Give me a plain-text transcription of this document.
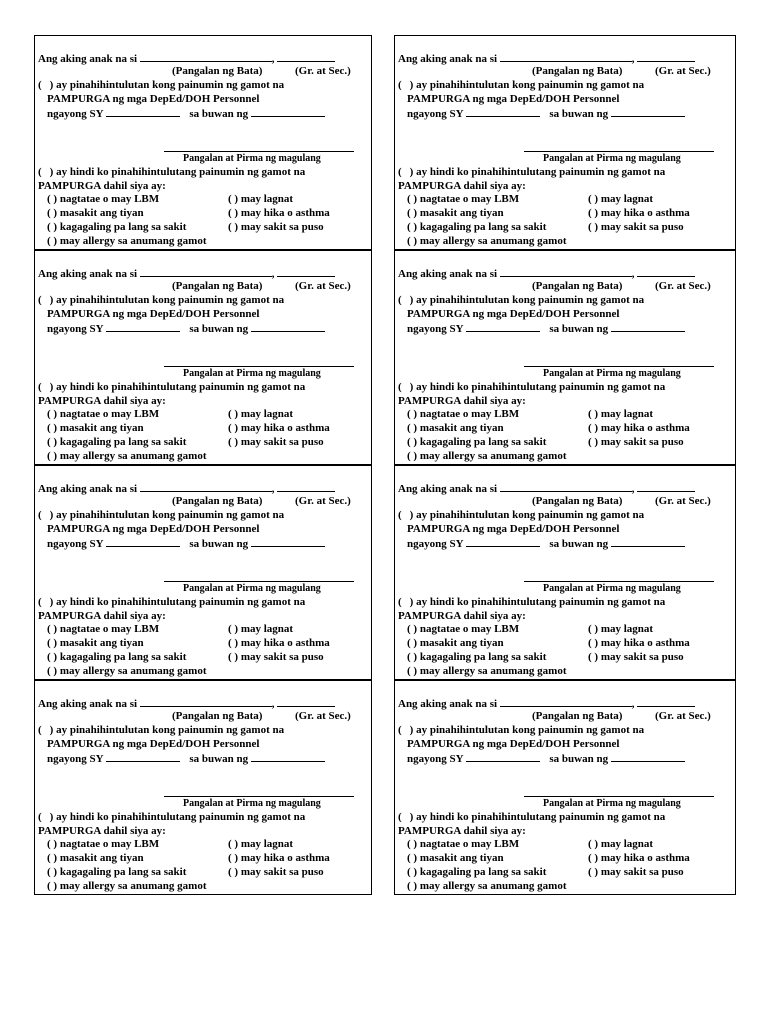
Ang aking anak na si	,
(Pangalan ng Bata)	(Gr. at Sec.)
( ) ay pinahihintulutan kong painumin ng gamot na
PAMPURGA ng mga DepEd/DOH Personnel
ngayong SY	sa buwan ng
Pangalan at Pirma ng magulang
( ) ay hindi ko pinahihintulutang painumin ng gamot na
PAMPURGA dahil siya ay:
( ) nagtatae o may LBM	( ) may lagnat
( ) masakit ang tiyan	( ) may hika o asthma
( ) kagagaling pa lang sa sakit	( ) may sakit sa puso
( ) may allergy sa anumang gamot
Ang aking anak na si	,
(Pangalan ng Bata)	(Gr. at Sec.)
( ) ay pinahihintulutan kong painumin ng gamot na
PAMPURGA ng mga DepEd/DOH Personnel
ngayong SY	sa buwan ng
Pangalan at Pirma ng magulang
( ) ay hindi ko pinahihintulutang painumin ng gamot na
PAMPURGA dahil siya ay:
( ) nagtatae o may LBM	( ) may lagnat
( ) masakit ang tiyan	( ) may hika o asthma
( ) kagagaling pa lang sa sakit	( ) may sakit sa puso
( ) may allergy sa anumang gamot
Ang aking anak na si	,
(Pangalan ng Bata)	(Gr. at Sec.)
( ) ay pinahihintulutan kong painumin ng gamot na
PAMPURGA ng mga DepEd/DOH Personnel
ngayong SY	sa buwan ng
Pangalan at Pirma ng magulang
( ) ay hindi ko pinahihintulutang painumin ng gamot na
PAMPURGA dahil siya ay:
( ) nagtatae o may LBM	( ) may lagnat
( ) masakit ang tiyan	( ) may hika o asthma
( ) kagagaling pa lang sa sakit	( ) may sakit sa puso
( ) may allergy sa anumang gamot
Ang aking anak na si	,
(Pangalan ng Bata)	(Gr. at Sec.)
( ) ay pinahihintulutan kong painumin ng gamot na
PAMPURGA ng mga DepEd/DOH Personnel
ngayong SY	sa buwan ng
Pangalan at Pirma ng magulang
( ) ay hindi ko pinahihintulutang painumin ng gamot na
PAMPURGA dahil siya ay:
( ) nagtatae o may LBM	( ) may lagnat
( ) masakit ang tiyan	( ) may hika o asthma
( ) kagagaling pa lang sa sakit	( ) may sakit sa puso
( ) may allergy sa anumang gamot
Ang aking anak na si	,
(Pangalan ng Bata)	(Gr. at Sec.)
( ) ay pinahihintulutan kong painumin ng gamot na
PAMPURGA ng mga DepEd/DOH Personnel
ngayong SY	sa buwan ng
Pangalan at Pirma ng magulang
( ) ay hindi ko pinahihintulutang painumin ng gamot na
PAMPURGA dahil siya ay:
( ) nagtatae o may LBM	( ) may lagnat
( ) masakit ang tiyan	( ) may hika o asthma
( ) kagagaling pa lang sa sakit	( ) may sakit sa puso
( ) may allergy sa anumang gamot
Ang aking anak na si	,
(Pangalan ng Bata)	(Gr. at Sec.)
( ) ay pinahihintulutan kong painumin ng gamot na
PAMPURGA ng mga DepEd/DOH Personnel
ngayong SY	sa buwan ng
Pangalan at Pirma ng magulang
( ) ay hindi ko pinahihintulutang painumin ng gamot na
PAMPURGA dahil siya ay:
( ) nagtatae o may LBM	( ) may lagnat
( ) masakit ang tiyan	( ) may hika o asthma
( ) kagagaling pa lang sa sakit	( ) may sakit sa puso
( ) may allergy sa anumang gamot
Ang aking anak na si	,
(Pangalan ng Bata)	(Gr. at Sec.)
( ) ay pinahihintulutan kong painumin ng gamot na
PAMPURGA ng mga DepEd/DOH Personnel
ngayong SY	sa buwan ng
Pangalan at Pirma ng magulang
( ) ay hindi ko pinahihintulutang painumin ng gamot na
PAMPURGA dahil siya ay:
( ) nagtatae o may LBM	( ) may lagnat
( ) masakit ang tiyan	( ) may hika o asthma
( ) kagagaling pa lang sa sakit	( ) may sakit sa puso
( ) may allergy sa anumang gamot
Ang aking anak na si	,
(Pangalan ng Bata)	(Gr. at Sec.)
( ) ay pinahihintulutan kong painumin ng gamot na
PAMPURGA ng mga DepEd/DOH Personnel
ngayong SY	sa buwan ng
Pangalan at Pirma ng magulang
( ) ay hindi ko pinahihintulutang painumin ng gamot na
PAMPURGA dahil siya ay:
( ) nagtatae o may LBM	( ) may lagnat
( ) masakit ang tiyan	( ) may hika o asthma
( ) kagagaling pa lang sa sakit	( ) may sakit sa puso
( ) may allergy sa anumang gamot
